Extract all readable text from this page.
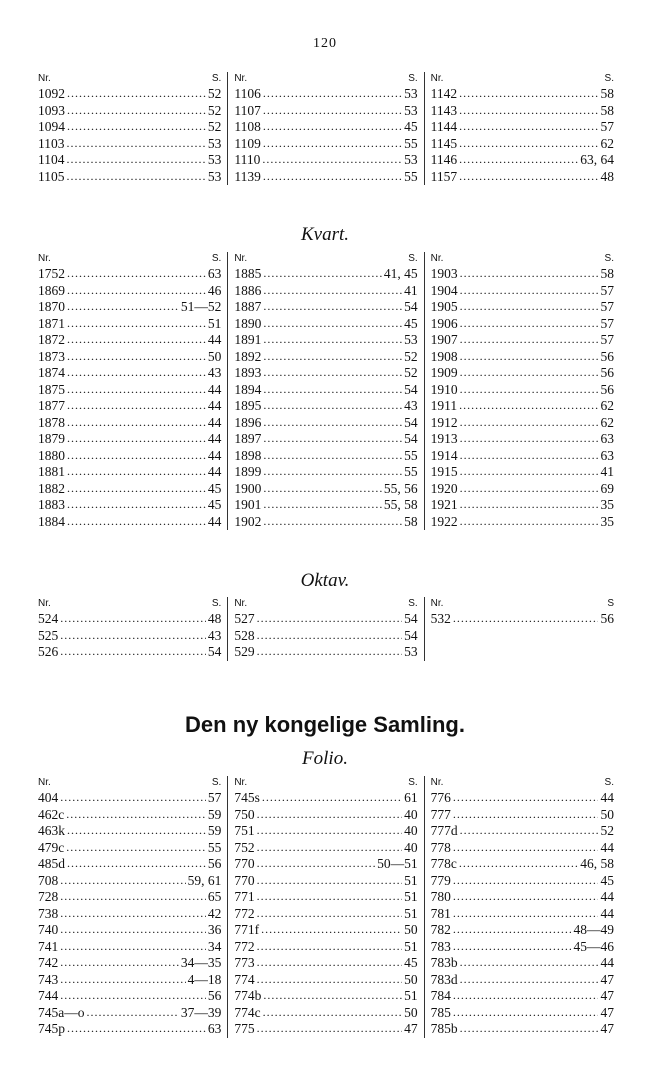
120
Nr.	S.
1092 .....	52
1093 .....	52
1094 .....	52
1103 .....	53
1104 .....	53
1105 .....	53
Nr.	S.
1106 .....	53
1107 .....	53
1108 .....	45
1109 .....	55
1110 .....	53
1139 .....	55
Nr.	S.
1142 .....	58
1143 .....	58
1144 .....	57
1145 .....	62
1146 .....	63, 64
1157 .....	48
Kvart.
Nr.	S.
1752 .....	63
1869 .....	46
1870 .....	51—52
1871 .....	51
1872 .....	44
1873 .....	50
1874 .....	43
1875 .....	44
1877 .....	44
1878 .....	44
1879 .....	44
1880 .....	44
1881 .....	44
1882 .....	45
1883 .....	45
1884 .....	44
Nr.	S.
1885 .....	41, 45
1886 .....	41
1887 .....	54
1890 .....	45
1891 .....	53
1892 .....	52
1893 .....	52
1894 .....	54
1895 .....	43
1896 .....	54
1897 .....	54
1898 .....	55
1899 .....	55
1900 .....	55, 56
1901 .....	55, 58
1902 .....	58
Nr.	S.
1903 .....	58
1904 .....	57
1905 .....	57
1906 .....	57
1907 .....	57
1908 .....	56
1909 .....	56
1910 .....	56
1911 .....	62
1912 .....	62
1913 .....	63
1914 .....	63
1915 .....	41
1920 .....	69
1921 .....	35
1922 .....	35
Oktav.
Nr.	S.
524 .....	48
525 .....	43
526 .....	54
Nr.	S.
527 .....	54
528 .....	54
529 .....	53
Nr.	S
532 .....	56
Den ny kongelige Samling.
Folio.
Nr.	S.
404 .....	57
462c .....	59
463k .....	59
479c .....	55
485d .....	56
708 .....	59, 61
728 .....	65
738 .....	42
740 .....	36
741 .....	34
742 .....	34—35
743 .....	4—18
744 .....	56
745a—o .....	37—39
745p .....	63
Nr.	S.
745s .....	61
750 .....	40
751 .....	40
752 .....	40
770 .....	50—51
770 .....	51
771 .....	51
772 .....	51
771f .....	50
772 .....	51
773 .....	45
774 .....	50
774b .....	51
774c .....	50
775 .....	47
Nr.	S.
776 .....	44
777 .....	50
777d .....	52
778 .....	44
778c .....	46, 58
779 .....	45
780 .....	44
781 .....	44
782 .....	48—49
783 .....	45—46
783b .....	44
783d .....	47
784 .....	47
785 .....	47
785b .....	47
